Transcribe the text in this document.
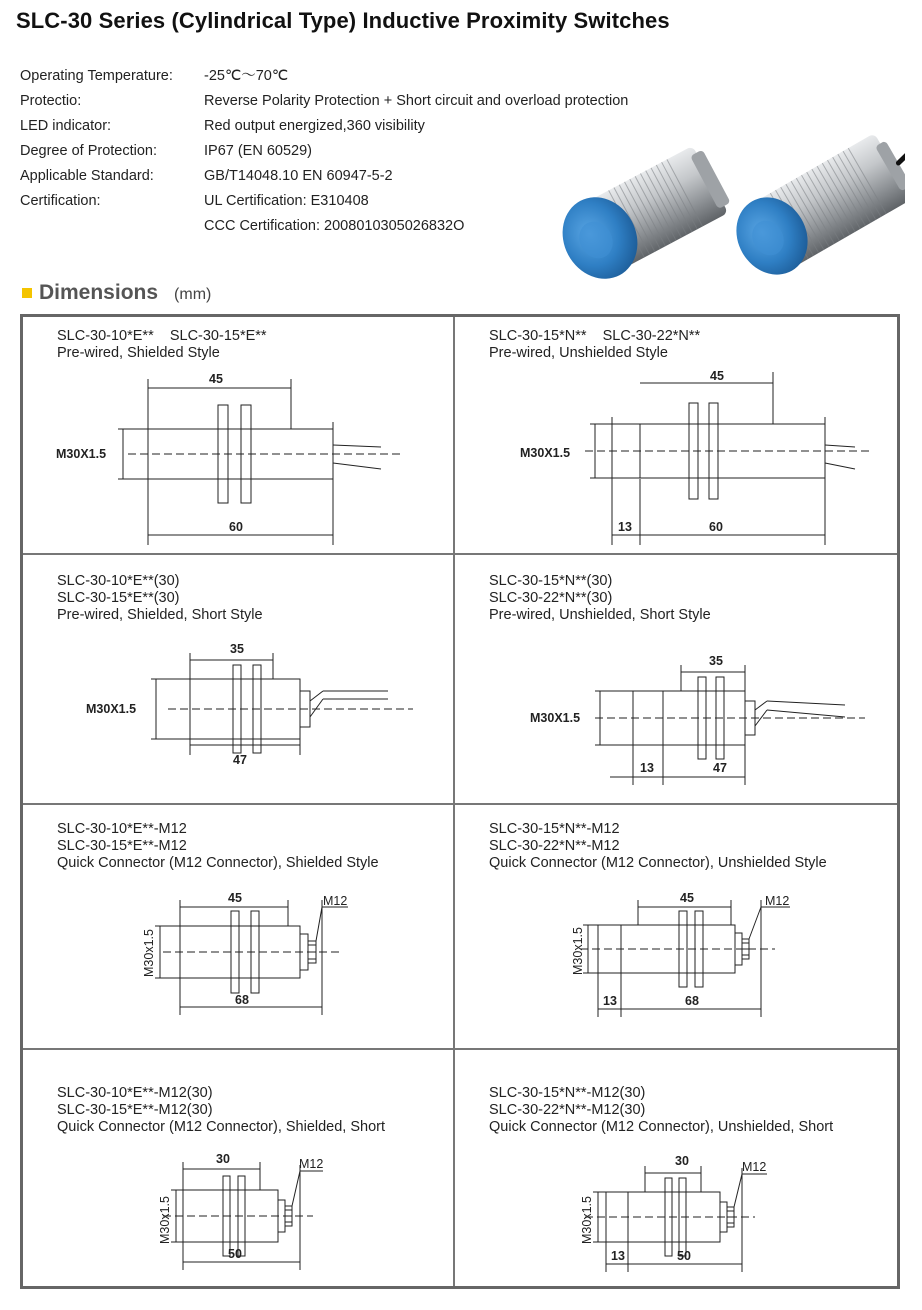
SLC-30 Series (Cylindrical Type) Inductive Proximity Switches
Operating Temperature:	-25℃～70℃
Protectio:	Reverse Polarity Protection + Short circuit and overload protection
LED indicator:	Red output energized,360 visibility
Degree of Protection:	IP67 (EN 60529)
Applicable Standard:	GB/T14048.10 EN 60947-5-2
Certification:	UL Certification: E310408
CCC Certification: 2008010305026832O
Dimensions (mm)
SLC-30-10*E**    SLC-30-15*E**
Pre-wired, Shielded Style
45
M30X1.5
60
SLC-30-15*N**    SLC-30-22*N**
Pre-wired, Unshielded Style
45
M30X1.5
13	60
SLC-30-10*E**(30)
SLC-30-15*E**(30)
Pre-wired, Shielded, Short Style
35
M30X1.5
47
SLC-30-15*N**(30)
SLC-30-22*N**(30)
Pre-wired, Unshielded, Short Style
35
M30X1.5
13	47
SLC-30-10*E**-M12
SLC-30-15*E**-M12
Quick Connector (M12 Connector), Shielded Style
45
M30x1.5
M12
68
SLC-30-15*N**-M12
SLC-30-22*N**-M12
Quick Connector (M12 Connector), Unshielded Style
45
M30x1.5
M12
13	68
SLC-30-10*E**-M12(30)
SLC-30-15*E**-M12(30)
Quick Connector (M12 Connector), Shielded, Short
30
M30x1.5
M12
50
SLC-30-15*N**-M12(30)
SLC-30-22*N**-M12(30)
Quick Connector (M12 Connector), Unshielded, Short
30
M30x1.5
M12
13	50
